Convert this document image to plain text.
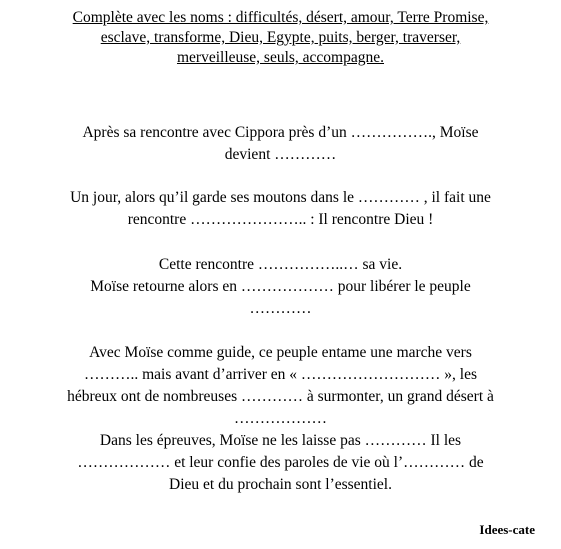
Complète avec les noms : difficultés, désert, amour, Terre Promise,
esclave, transforme, Dieu, Egypte, puits, berger, traverser,
merveilleuse, seuls, accompagne.
Après sa rencontre avec Cippora près d’un ……………., Moïse
devient …………
Un jour, alors qu’il garde ses moutons dans le ………… , il fait une
rencontre ………………….. : Il rencontre Dieu !
Cette rencontre ……………..… sa vie.
Moïse retourne alors en ……………… pour libérer le peuple
…………
Avec Moïse comme guide, ce peuple entame une marche vers
……….. mais avant d’arriver en « ……………………… », les
hébreux ont de nombreuses ………… à surmonter, un grand désert à
………………
Dans les épreuves, Moïse ne les laisse pas ………… Il les
……………… et leur confie des paroles de vie où l’………… de
Dieu et du prochain sont l’essentiel.
Idees-cate
